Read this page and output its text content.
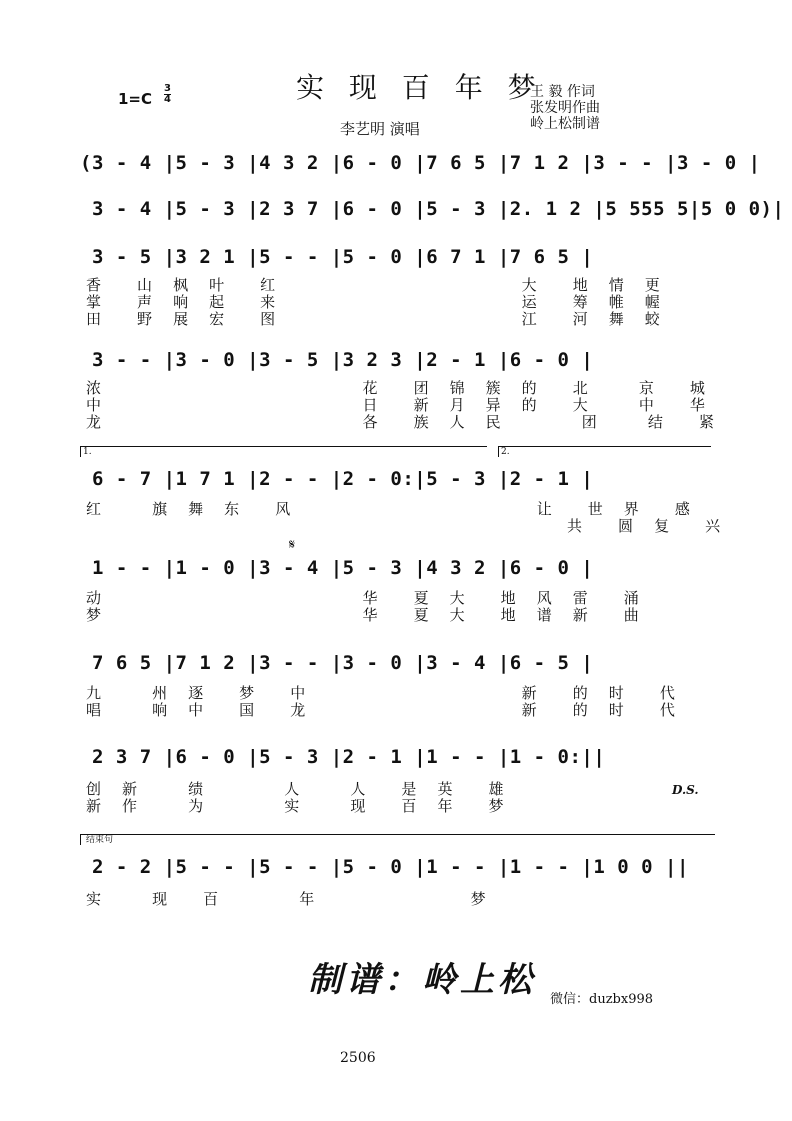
实 现 百 年 梦
$1=C \frac{3}{4}$
李艺明 演唱
王 毅 作词
张发明作曲
岭上松制谱
(3 - 4 |5 - 3 |4 3 2 |6 - 0 |7 6 5 |7 1 2 |3 - - |3 - 0 |
3 - 4 |5 - 3 |2 3 7 |6 - 0 |5 - 3 |2. 1 2 |5 555 5|5 0 0)|
3 - 5 |3 2 1 |5 - - |5 - 0 |6 7 1 |7 6 5 |
香  山 枫 叶  红                大  地 情 更
掌  声 响 起  来                运  筹 帷 幄
田  野 展 宏  图                江  河 舞 蛟
3 - - |3 - 0 |3 - 5 |3 2 3 |2 - 1 |6 - 0 |
浓                 花  团 锦 簇 的  北   京  城
中                 日  新 月 异 的  大   中  华
龙                 各  族 人 民     团   结  紧
1.	2.
6 - 7 |1 7 1 |2 - - |2 - 0:|5 - 3 |2 - 1 |
红   旗 舞 东  风                让  世 界  感
共  圆 复  兴
𝄋
1 - - |1 - 0 |3 - 4 |5 - 3 |4 3 2 |6 - 0 |
动                 华  夏 大  地 风 雷  涌
梦                 华  夏 大  地 谱 新  曲
7 6 5 |7 1 2 |3 - - |3 - 0 |3 - 4 |6 - 5 |
九   州 逐  梦  中              新  的 时  代
唱   响 中  国  龙              新  的 时  代
2 3 7 |6 - 0 |5 - 3 |2 - 1 |1 - - |1 - 0:||
创 新   绩     人   人  是 英  雄
新 作   为     实   现  百 年  梦
D.S.
结束句
2 - 2 |5 - - |5 - - |5 - 0 |1 - - |1 - - |1 0 0 ||
实   现  百     年          梦
制谱：岭上松 微信：duzbx998
2506
